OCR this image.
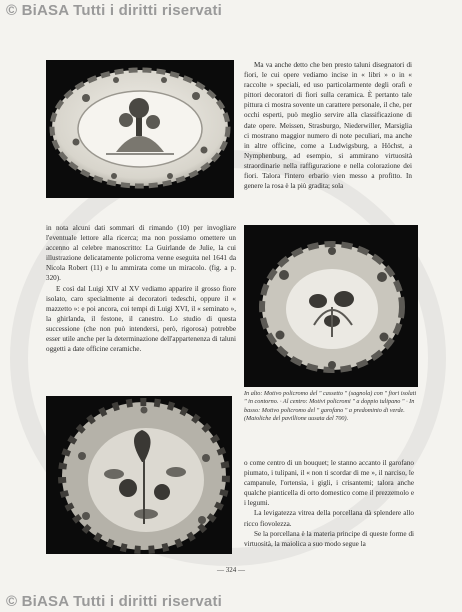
© BiASA Tutti i diritti riservati
© BiASA Tutti i diritti riservati

Ma va anche detto che ben presto taluni disegnatori di fiori, le cui opere vediamo incise in « libri » o in « raccolte » speciali, ed uso particolarmente degli orafi e pittori decoratori di fiori sulla ceramica. È pertanto tale pittura ci mostra sovente un carattere personale, il che, per occhi esperti, può meglio servire alla classificazione di date opere. Meissen, Strasburgo, Niederwiller, Marsiglia ci mostrano maggior numero di note peculiari, ma anche in altre officine, come a Ludwigsburg, a Höchst, a Nymphenburg, ad esempio, si ammirano virtuosità straordinarie nella raffigurazione e nella colorazione dei fiori. Talora l'intero erbario vien messo a profitto. In genere la rosa è la più gradita; sola

in nota alcuni dati sommari di rimando (10) per invogliare l'eventuale lettore alla ricerca; ma non possiamo omettere un accenno al celebre manoscritto: La Guirlande de Julie, la cui illustrazione delicatamente policroma venne eseguita nel 1641 da Nicola Robert (11) e lu ammirata come un miracolo. (fig. a p. 320).

E così dal Luigi XIV al XV vediamo apparire il grosso fiore isolato, caro specialmente ai decoratori tedeschi, oppure il « mazzetto »: e poi ancora, coi tempi di Luigi XVI, il « seminato », la ghirlanda, il festone, il canestro. Lo studio di questa successione (che non può intendersi, però, rigorosa) potrebbe esser utile anche per la determinazione dell'appartenenza di taluni oggetti a date officine ceramiche.

In alto: Motivo policromo del " cassetto " (sagnola) con " fiori isolati " in contorno. · Al centro: Motivi policromi " a doppio tulipano " · In basso: Motivo policromo del " garofano " a predominio di verde. (Maioliche del pavillione uusata del 700).

o come centro di un bouquet; le stanno accanto il garofano piumato, i tulipani, il « non ti scordar di me », il narciso, le campanule, l'ortensia, i gigli, i crisantemi; talora anche qualche pianticella di orto domestico come il prezzemolo e i legumi.

La levigatezza vitrea della porcellana dà splendere allo ricco fiovolezza.

Se la porcellana è la materia principe di queste forme di virtuosità, la maiolica a suo modo segue la

— 324 —
